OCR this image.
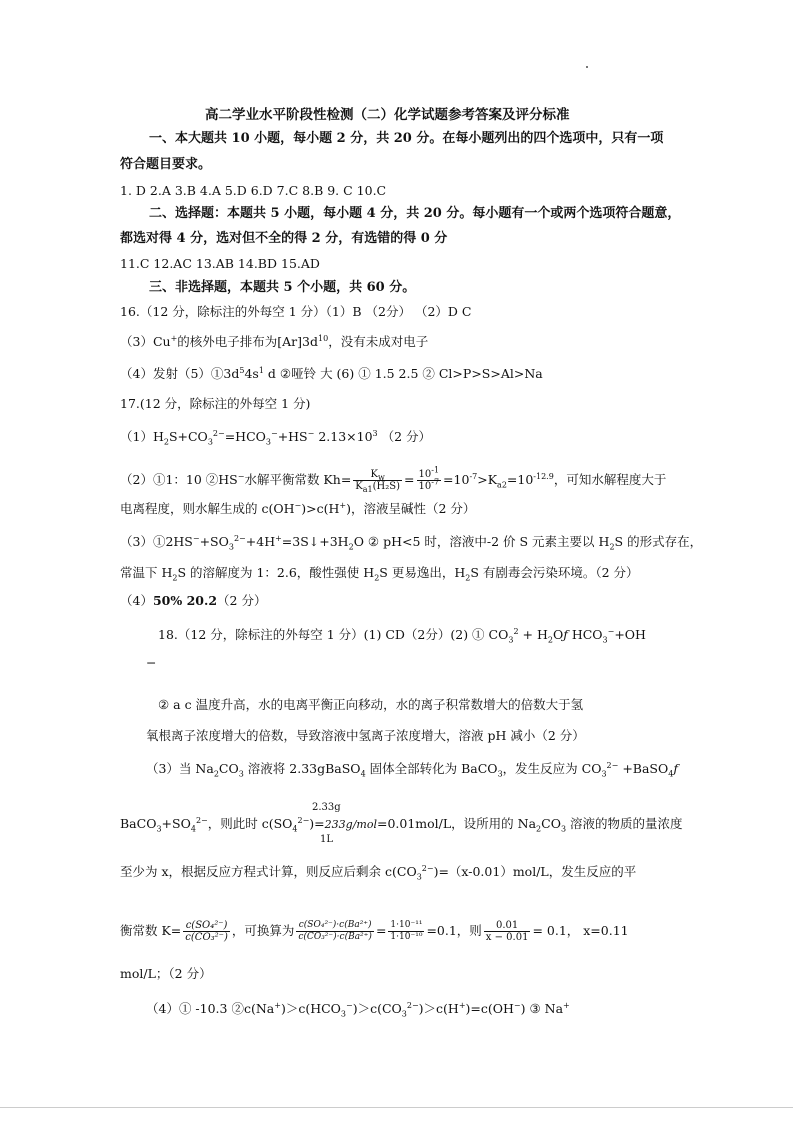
高二学业水平阶段性检测（二）化学试题参考答案及评分标准
一、本大题共 10 小题，每小题 2 分，共 20 分。在每小题列出的四个选项中，只有一项
符合题目要求。
1. D 2.A 3.B 4.A 5.D 6.D 7.C 8.B 9. C 10.C
二、选择题：本题共 5 小题，每小题 4 分，共 20 分。每小题有一个或两个选项符合题意，
都选对得 4 分，选对但不全的得 2 分，有选错的得 0 分
11.C 12.AC 13.AB 14.BD 15.AD
三、非选择题，本题共 5 个小题，共 60 分。
16.（12 分，除标注的外每空 1 分）（1）B （2分） （2）D C
（3）Cu+的核外电子排布为$[Ar]3d^{10}$，没有未成对电子
（4）发射$(5)①3d^54s^1$ d ②哑铃 大 (6) ① 1.5 2.5 ② Cl>P>S>Al>Na
17.(12 分，除标注的外每空 1 分)
$(1)H_2S+CO_3^{2-}=HCO_3^-+HS^-$ $2.13\times 10^3$ （2 分）
（2）①1：10 ②HS−水解平衡常数 $Kh= \frac{K_w}{K_{a1}(H_2S)} = \frac{10^{-1}}{10^{-7}} =10^{-7}>K_{a2}=10^{-12.9}$，可知水解程度大于
电离程度，则水解生成的 c(OH−)>c(H+)，溶液呈碱性（2 分）
$(3)①2HS^-+SO_3^{2-}+4H^+=3S↓+3H_2O$ ② pH<5 时，溶液中-2 价 S 元素主要以 $H_2S$ 的形式存在，
常温下 $H_2S$ 的溶解度为 1：2.6，酸性强使 $H_2S$ 更易逸出，$H_2S$ 有剧毒会污染环境。（2 分）
（4）50% 20.2（2 分）
18.（12 分，除标注的外每空 1 分）(1) CD（2分）(2) ① $CO_3^2$ + $H_2Oƒ$ $HCO_3^-+OH$
−
② a c 温度升高，水的电离平衡正向移动，水的离子积常数增大的倍数大于氢
氧根离子浓度增大的倍数，导致溶液中氢离子浓度增大，溶液 pH 减小（2 分）
（3）当 $Na_2CO_3$ 溶液将 2.33gBaSO$_4$ 固体全部转化为 BaCO$_3$，发生反应为 $CO_3^{2-}$ +BaSO$_4$ƒ
2.33g
$BaCO_3+SO_4^{2-}$，则此时 $c(SO_4^{2-})=233g/mol=0.01mol/L$，设所用的 $Na_2CO_3$ 溶液的物质的量浓度
1L
至少为 x，根据反应方程式计算，则反应后剩余 $c(CO_3^{2-})=(x-0.01)mol/L$，发生反应的平
衡常数 $K= \frac{\text{c(SO₄²⁻)}}{\text{c(CO₃²⁻)}}$ ，可换算为 $\frac{\text{c(SO₄²⁻)·c(Ba²⁺)}}{\text{c(CO₃²⁻)·c(Ba²⁺)}} = \frac{\text{1·10⁻¹¹}}{\text{1·10⁻¹⁰}} =0.1$，则 $\frac{0.01}{x - 0.01} = 0.1$， x=0.11
mol/L；（2 分）
（4）① -10.3 $②c(Na^+)>c(HCO_3^-)>c(CO_3^{2-})>c(H^+)=c(OH^-)$ ③ Na+
